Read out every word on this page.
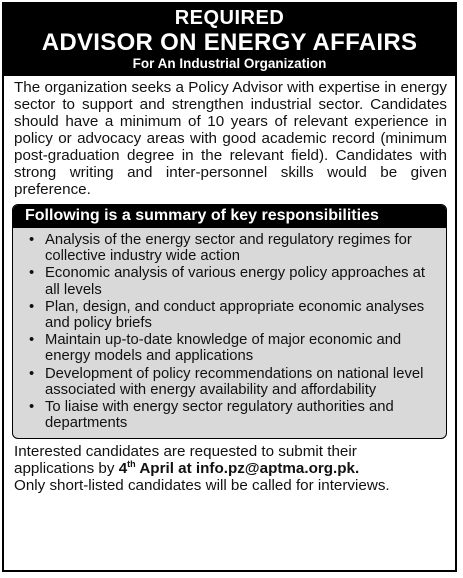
REQUIRED
ADVISOR ON ENERGY AFFAIRS
For An Industrial Organization
The organization seeks a Policy Advisor with expertise in energy sector to support and strengthen industrial sector. Candidates should have a minimum of 10 years of relevant experience in policy or advocacy areas with good academic record (minimum post-graduation degree in the relevant field). Candidates with strong writing and inter-personnel skills would be given preference.
Following is a summary of key responsibilities
• Analysis of the energy sector and regulatory regimes for collective industry wide action
• Economic analysis of various energy policy approaches at all levels
• Plan, design, and conduct appropriate economic analyses and policy briefs
• Maintain up-to-date knowledge of major economic and energy models and applications
• Development of policy recommendations on national level associated with energy availability and affordability
• To liaise with energy sector regulatory authorities and departments
Interested candidates are requested to submit their
applications by 4th April at info.pz@aptma.org.pk.
Only short-listed candidates will be called for interviews.
